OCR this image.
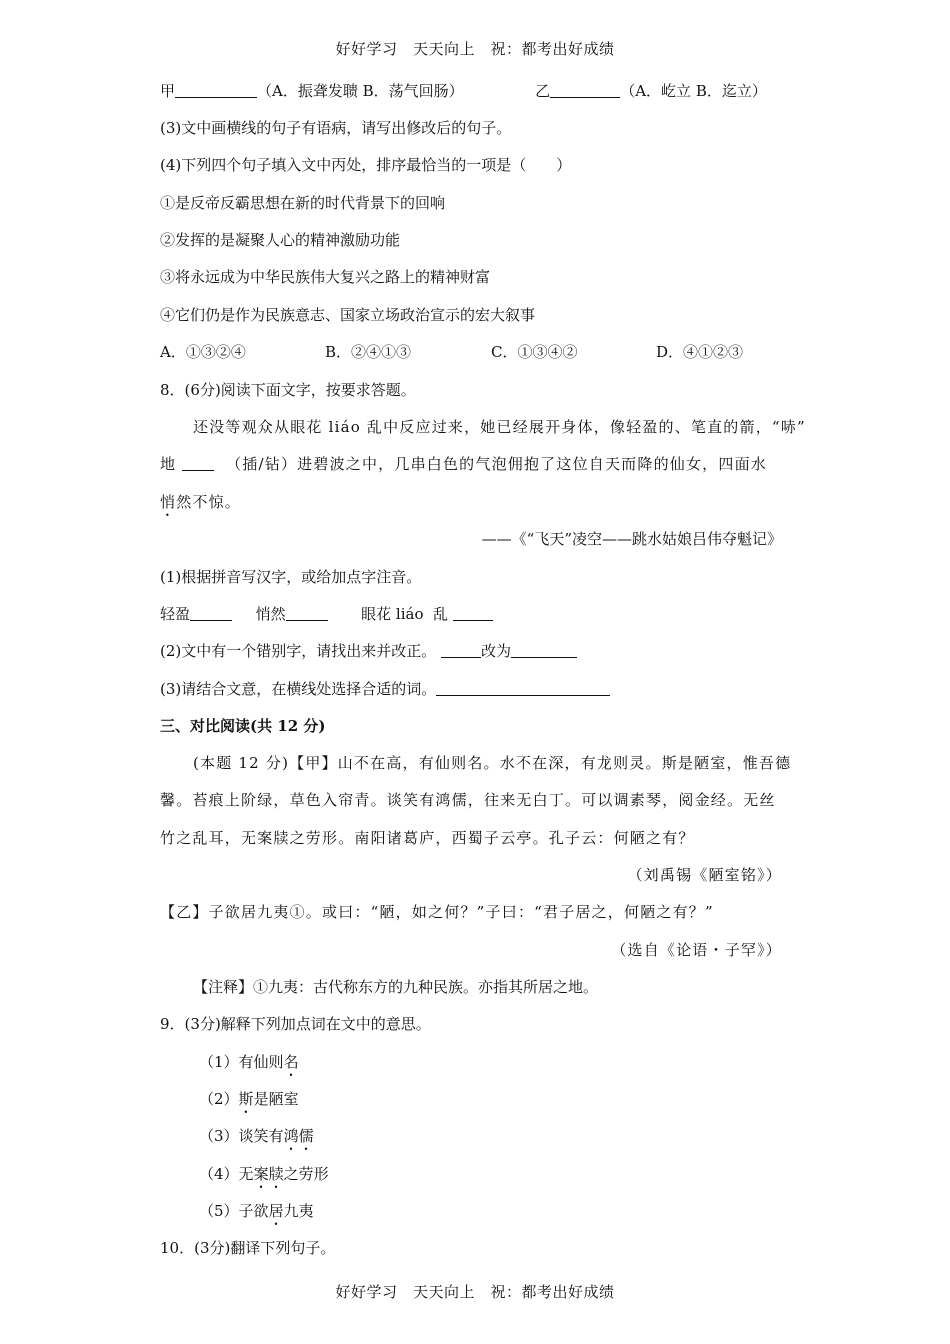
好好学习　天天向上　祝：都考出好成绩
甲	（A．振聋发聩 B．荡气回肠）	乙	（A．屹立 B．迄立）
(3)文中画横线的句子有语病，请写出修改后的句子。
(4)下列四个句子填入文中丙处，排序最恰当的一项是（　　）
①是反帝反霸思想在新的时代背景下的回响
②发挥的是凝聚人心的精神激励功能
③将永远成为中华民族伟大复兴之路上的精神财富
④它们仍是作为民族意志、国家立场政治宣示的宏大叙事
A．①③②④	B．②④①③	C．①③④②	D．④①②③
8．(6分)阅读下面文字，按要求答题。
还没等观众从眼花 liáo 乱中反应过来，她已经展开身体，像轻盈的、笔直的箭，“哧”
地	（插/钻）进碧波之中，几串白色的气泡佣抱了这位自天而降的仙女，四面水
悄然不惊。
——《“飞天”凌空——跳水姑娘吕伟夺魁记》
(1)根据拼音写汉字，或给加点字注音。
轻盈	悄然	眼花 liáo 乱
(2)文中有一个错别字，请找出来并改正。	改为
(3)请结合文意，在横线处选择合适的词。
三、对比阅读(共 12 分)
(本题 12 分)【甲】山不在高，有仙则名。水不在深，有龙则灵。斯是陋室，惟吾德
馨。苔痕上阶绿，草色入帘青。谈笑有鸿儒，往来无白丁。可以调素琴，阅金经。无丝
竹之乱耳，无案牍之劳形。南阳诸葛庐，西蜀子云亭。孔子云：何陋之有？
（刘禹锡《陋室铭》）
【乙】子欲居九夷①。或曰：“陋，如之何？”子曰：“君子居之，何陋之有？”
（选自《论语・子罕》）
【注释】①九夷：古代称东方的九种民族。亦指其所居之地。
9．(3分)解释下列加点词在文中的意思。
（1）有仙则名
（2）斯是陋室
（3）谈笑有鸿儒
（4）无案牍之劳形
（5）子欲居九夷
10．(3分)翻译下列句子。
好好学习　天天向上　祝：都考出好成绩
